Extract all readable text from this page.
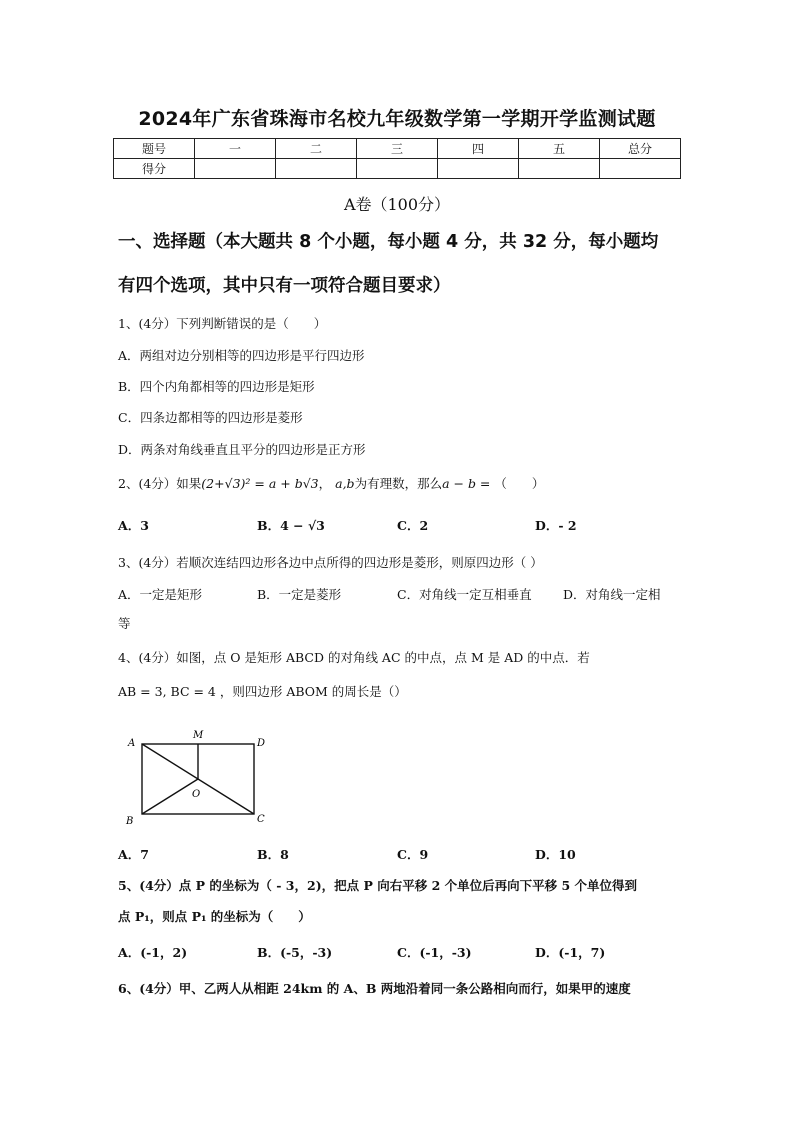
2024年广东省珠海市名校九年级数学第一学期开学监测试题
题号	一	二	三	四	五	总分
得分						
A卷（100分）
一、选择题（本大题共 8 个小题，每小题 4 分，共 32 分，每小题均
有四个选项，其中只有一项符合题目要求）
1、(4分）下列判断错误的是（　　）
A．两组对边分别相等的四边形是平行四边形
B．四个内角都相等的四边形是矩形
C．四条边都相等的四边形是菱形
D．两条对角线垂直且平分的四边形是正方形
2、(4分）如果(2+√3)² = a + b√3， a,b为有理数，那么a − b = （　　）
A．3	B．4 − √3	C．2	D．- 2
3、(4分）若顺次连结四边形各边中点所得的四边形是菱形，则原四边形（ ）
A．一定是矩形	B．一定是菱形	C．对角线一定互相垂直	D．对角线一定相
等
4、(4分）如图，点 O 是矩形 ABCD 的对角线 AC 的中点，点 M 是 AD 的中点．若
AB = 3, BC = 4 ，则四边形 ABOM 的周长是（）
A
M
D
O
B	C
A．7	B．8	C．9	D．10
5、(4分）点 P 的坐标为（ - 3，2)，把点 P 向右平移 2 个单位后再向下平移 5 个单位得到
点 P₁，则点 P₁ 的坐标为（　　）
A．(-1，2)	B．(-5，-3)	C．(-1，-3)	D．(-1，7)
6、(4分）甲、乙两人从相距 24km 的 A、B 两地沿着同一条公路相向而行，如果甲的速度
